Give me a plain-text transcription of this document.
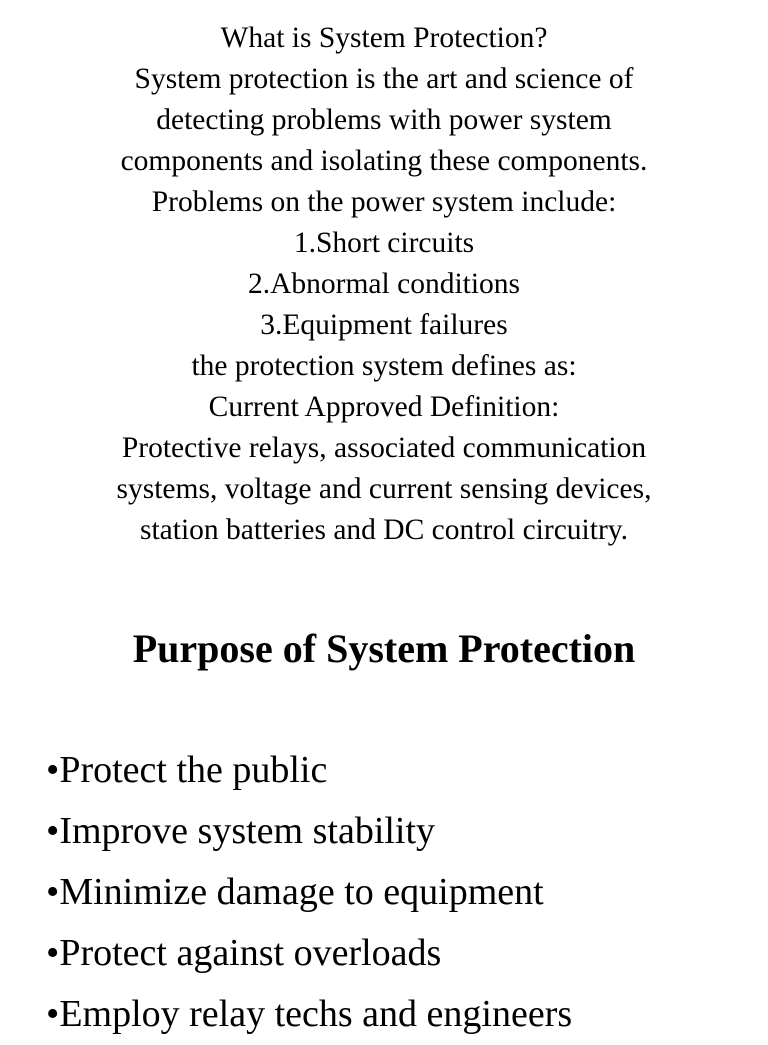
What is System Protection?
System protection is the art and science of
detecting problems with power system
components and isolating these components.
Problems on the power system include:
1.Short circuits
2.Abnormal conditions
3.Equipment failures
the protection system defines as:
Current Approved Definition:
Protective relays, associated communication
systems, voltage and current sensing devices,
station batteries and DC control circuitry.
Purpose of System Protection
•Protect the public
•Improve system stability
•Minimize damage to equipment
•Protect against overloads
•Employ relay techs and engineers
